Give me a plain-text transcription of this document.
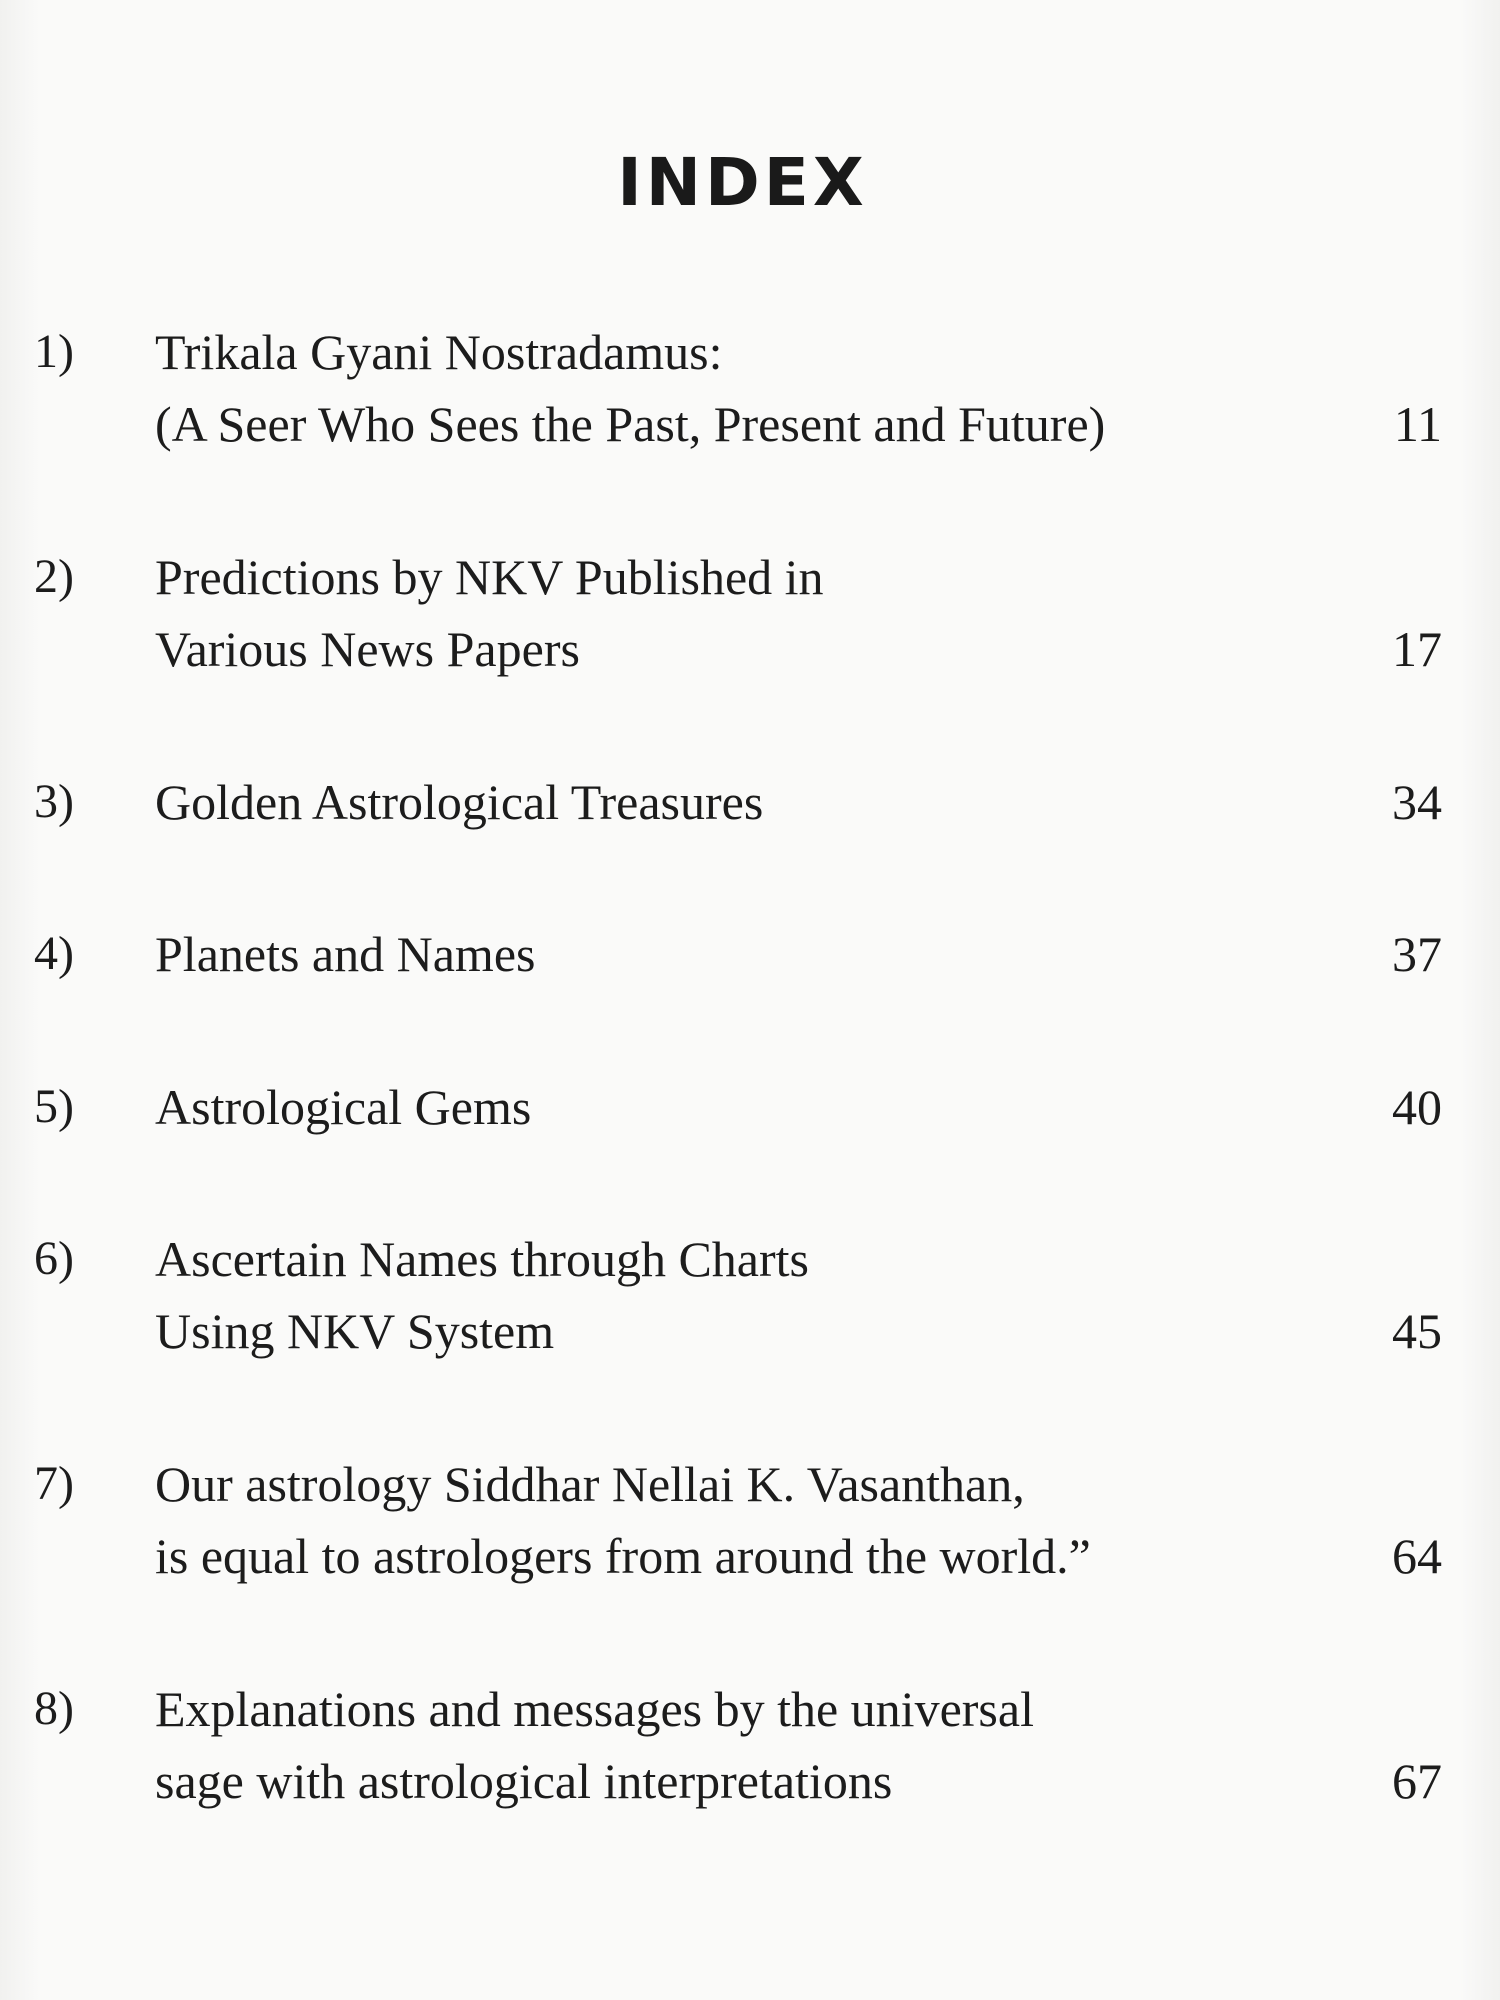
INDEX
1) Trikala Gyani Nostradamus:
(A Seer Who Sees the Past, Present and Future)	11
2) Predictions by NKV Published in
Various News Papers	17
3) Golden Astrological Treasures	34
4) Planets and Names	37
5) Astrological Gems	40
6) Ascertain Names through Charts
Using NKV System	45
7) Our astrology Siddhar Nellai K. Vasanthan,
is equal to astrologers from around the world.”	64
8) Explanations and messages by the universal
sage with astrological interpretations	67
